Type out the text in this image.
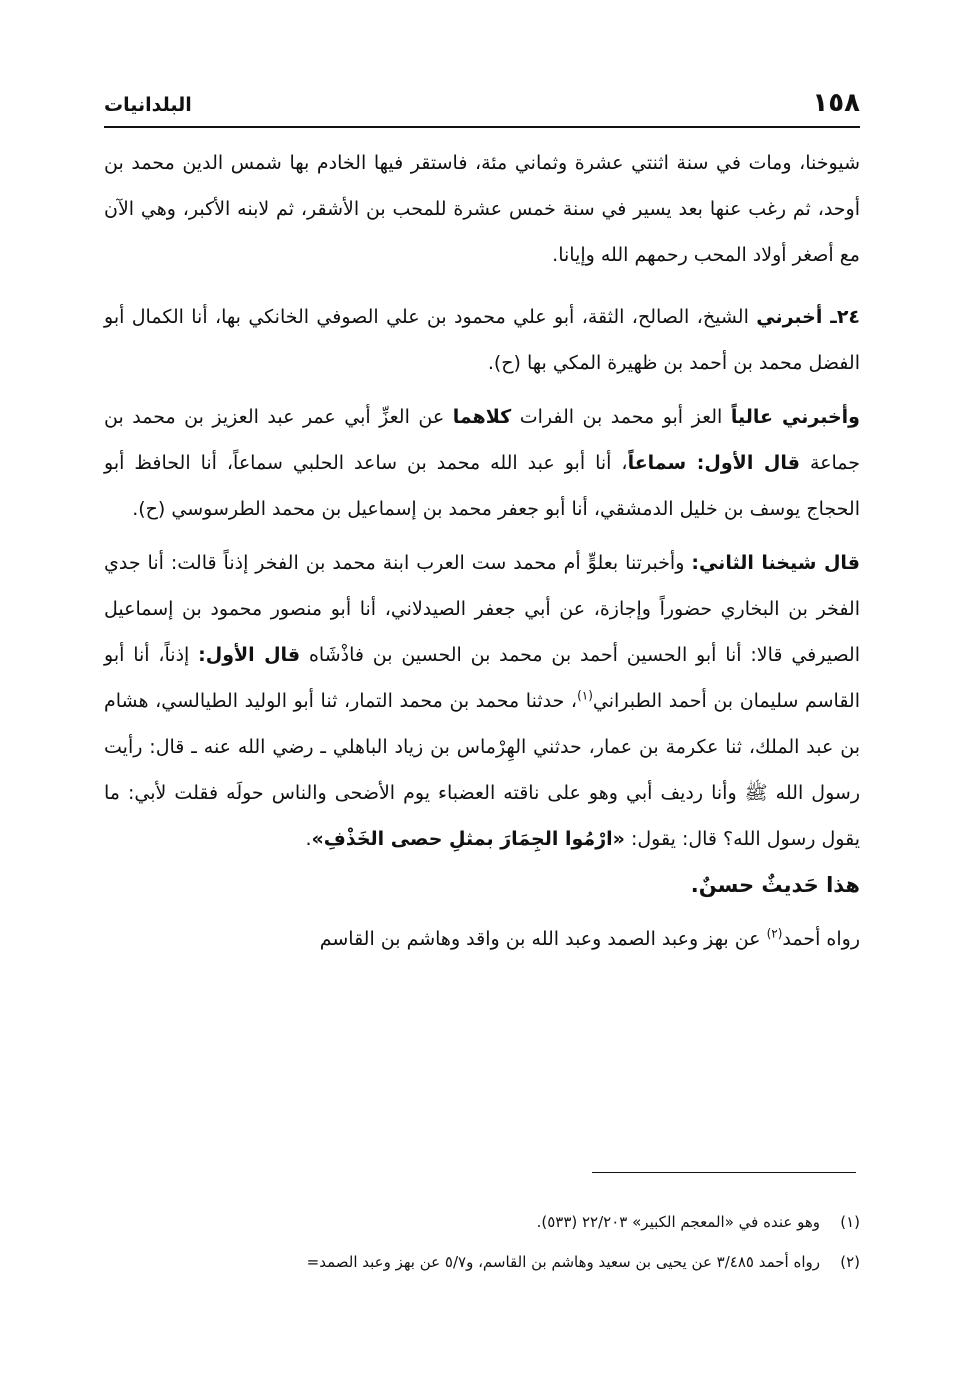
١٥٨
البلدانيات

شيوخنا، ومات في سنة اثنتي عشرة وثماني مئة، فاستقر فيها الخادم بها شمس الدين محمد بن أوحد، ثم رغب عنها بعد يسير في سنة خمس عشرة للمحب بن الأشقر، ثم لابنه الأكبر، وهي الآن مع أصغر أولاد المحب رحمهم الله وإيانا.

٢٤ـ أخبرني الشيخ، الصالح، الثقة، أبو علي محمود بن علي الصوفي الخانكي بها، أنا الكمال أبو الفضل محمد بن أحمد بن ظهيرة المكي بها (ح).

وأخبرني عالياً العز أبو محمد بن الفرات كلاهما عن العزِّ أبي عمر عبد العزيز بن محمد بن جماعة قال الأول: سماعاً، أنا أبو عبد الله محمد بن ساعد الحلبي سماعاً، أنا الحافظ أبو الحجاج يوسف بن خليل الدمشقي، أنا أبو جعفر محمد بن إسماعيل بن محمد الطرسوسي (ح).

قال شيخنا الثاني: وأخبرتنا بعلوٍّ أم محمد ست العرب ابنة محمد بن الفخر إذناً قالت: أنا جدي الفخر بن البخاري حضوراً وإجازة، عن أبي جعفر الصيدلاني، أنا أبو منصور محمود بن إسماعيل الصيرفي قالا: أنا أبو الحسين أحمد بن محمد بن الحسين بن فاذْشَاه قال الأول: إذناً، أنا أبو القاسم سليمان بن أحمد الطبراني$^{(١)}$، حدثنا محمد بن محمد التمار، ثنا أبو الوليد الطيالسي، هشام بن عبد الملك، ثنا عكرمة بن عمار، حدثني الهِرْماس بن زياد الباهلي ـ رضي الله عنه ـ قال: رأيت رسول الله ﷺ وأنا رديف أبي وهو على ناقته العضباء يوم الأضحى والناس حولَه فقلت لأبي: ما يقول رسول الله؟ قال: يقول: «ارْمُوا الجِمَارَ بمثلِ حصى الخَذْفِ».

هذا حَديثٌ حسنٌ.

رواه أحمد$^{(٢)}$ عن بهز وعبد الصمد وعبد الله بن واقد وهاشم بن القاسم

(١)وهو عنده في «المعجم الكبير» ٢٢/٢٠٣ (٥٣٣).
(٢)رواه أحمد ٣/٤٨٥ عن يحيى بن سعيد وهاشم بن القاسم، و٥/٧ عن بهز وعبد الصمد=
